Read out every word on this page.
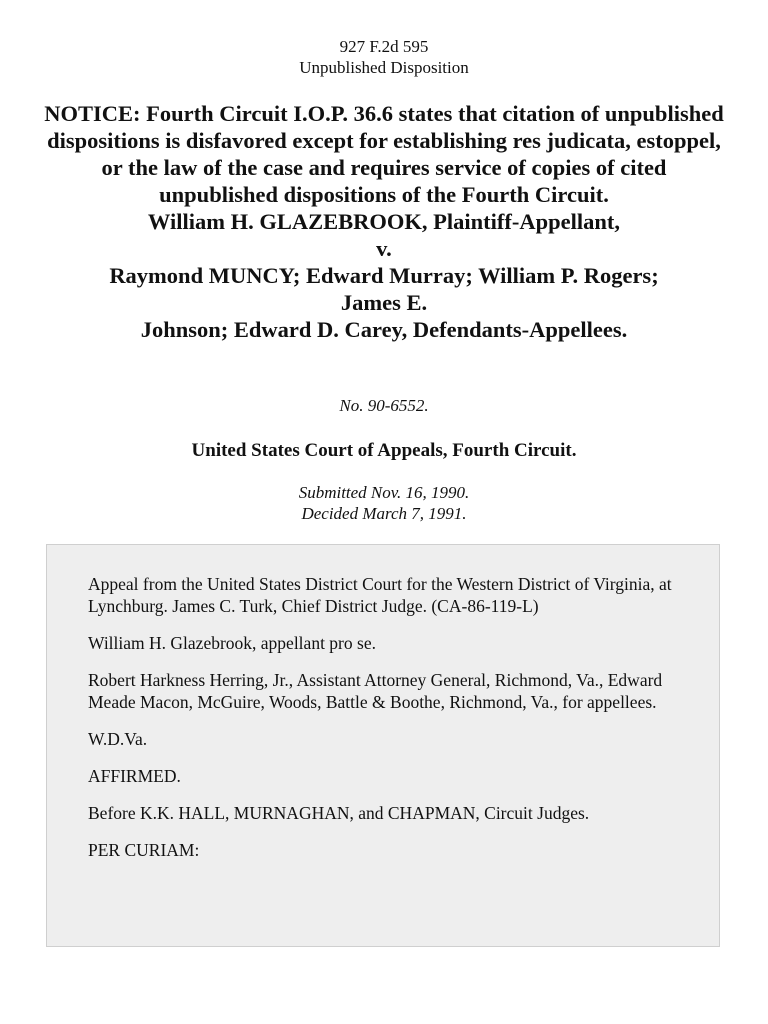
927 F.2d 595
Unpublished Disposition
NOTICE: Fourth Circuit I.O.P. 36.6 states that citation of unpublished dispositions is disfavored except for establishing res judicata, estoppel, or the law of the case and requires service of copies of cited unpublished dispositions of the Fourth Circuit.
William H. GLAZEBROOK, Plaintiff-Appellant,
v.
Raymond MUNCY; Edward Murray; William P. Rogers;
James E.
Johnson; Edward D. Carey, Defendants-Appellees.
No. 90-6552.
United States Court of Appeals, Fourth Circuit.
Submitted Nov. 16, 1990.
Decided March 7, 1991.

Appeal from the United States District Court for the Western District of Virginia, at Lynchburg. James C. Turk, Chief District Judge. (CA-86-119-L)

William H. Glazebrook, appellant pro se.

Robert Harkness Herring, Jr., Assistant Attorney General, Richmond, Va., Edward Meade Macon, McGuire, Woods, Battle & Boothe, Richmond, Va., for appellees.

W.D.Va.

AFFIRMED.

Before K.K. HALL, MURNAGHAN, and CHAPMAN, Circuit Judges.

PER CURIAM:
